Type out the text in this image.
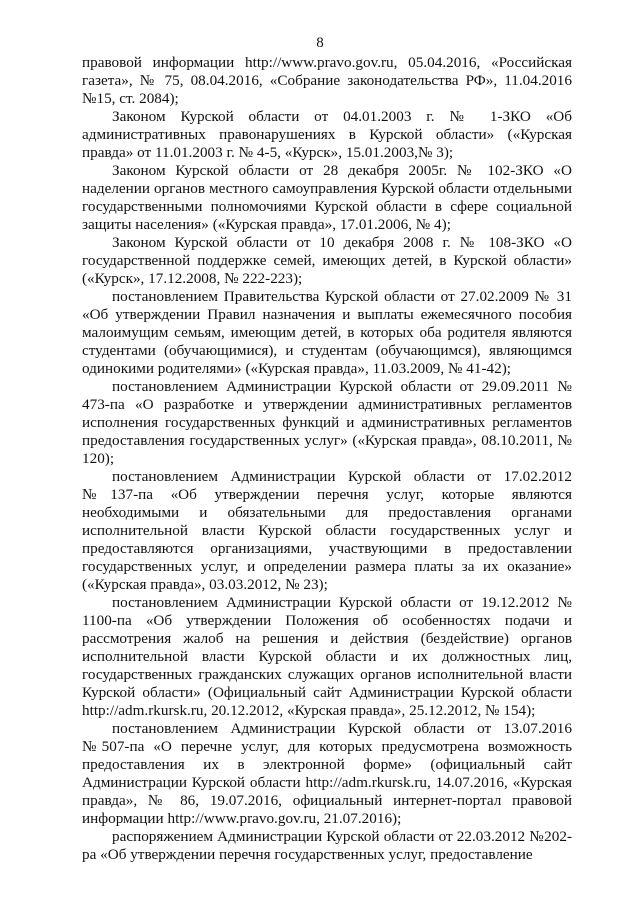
8

правовой информации http://www.pravo.gov.ru, 05.04.2016, «Российская газета», № 75, 08.04.2016, «Собрание законодательства РФ», 11.04.2016 №15, ст. 2084);

Законом Курской области от 04.01.2003 г. № 1-ЗКО «Об административных правонарушениях в Курской области» («Курская правда» от 11.01.2003 г. № 4-5, «Курск», 15.01.2003,№ 3);

Законом Курской области от 28 декабря 2005г. № 102-ЗКО «О наделении органов местного самоуправления Курской области отдельными государственными полномочиями Курской области в сфере социальной защиты населения» («Курская правда», 17.01.2006, № 4);

Законом Курской области от 10 декабря 2008 г. № 108-ЗКО «О государственной поддержке семей, имеющих детей, в Курской области» («Курск», 17.12.2008, № 222-223);

постановлением Правительства Курской области от 27.02.2009 № 31 «Об утверждении Правил назначения и выплаты ежемесячного пособия малоимущим семьям, имеющим детей, в которых оба родителя являются студентами (обучающимися), и студентам (обучающимся), являющимся одинокими родителями» («Курская правда», 11.03.2009, № 41-42);

постановлением Администрации Курской области от 29.09.2011 № 473-па «О разработке и утверждении административных регламентов исполнения государственных функций и административных регламентов предоставления государственных услуг» («Курская правда», 08.10.2011, № 120);

постановлением Администрации Курской области от 17.02.2012 №137-па «Об утверждении перечня услуг, которые являются необходимыми и обязательными для предоставления органами исполнительной власти Курской области государственных услуг и предоставляются организациями, участвующими в предоставлении государственных услуг, и определении размера платы за их оказание» («Курская правда», 03.03.2012, № 23);

постановлением Администрации Курской области от 19.12.2012 № 1100-па «Об утверждении Положения об особенностях подачи и рассмотрения жалоб на решения и действия (бездействие) органов исполнительной власти Курской области и их должностных лиц, государственных гражданских служащих органов исполнительной власти Курской области» (Официальный сайт Администрации Курской области http://adm.rkursk.ru, 20.12.2012, «Курская правда», 25.12.2012, № 154);

постановлением Администрации Курской области от 13.07.2016 №507-па «О перечне услуг, для которых предусмотрена возможность предоставления их в электронной форме» (официальный сайт Администрации Курской области http://adm.rkursk.ru, 14.07.2016, «Курская правда», № 86, 19.07.2016, официальный интернет-портал правовой информации http://www.pravo.gov.ru, 21.07.2016);

распоряжением Администрации Курской области от 22.03.2012 №202-ра «Об утверждении перечня государственных услуг, предоставление
